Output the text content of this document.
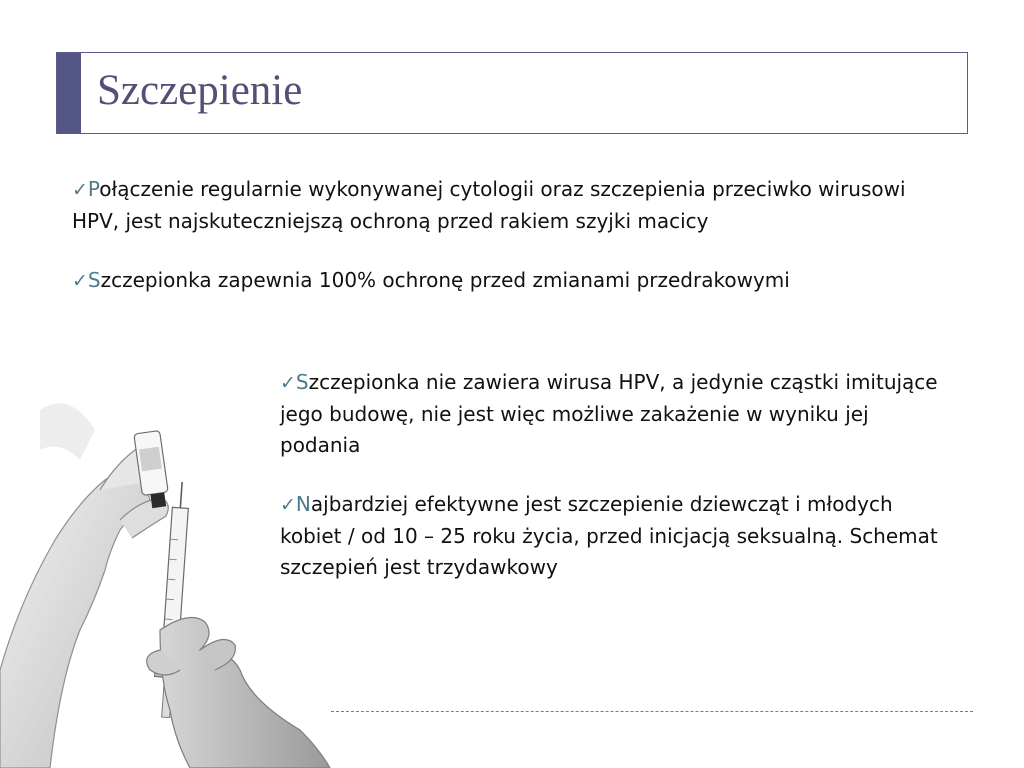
Szczepienie

✓Połączenie regularnie wykonywanej cytologii oraz szczepienia przeciwko wirusowi
HPV, jest najskuteczniejszą ochroną przed rakiem szyjki macicy

✓Szczepionka zapewnia 100% ochronę przed zmianami przedrakowymi

✓Szczepionka nie zawiera wirusa HPV, a jedynie cząstki imitujące
jego budowę, nie jest więc możliwe zakażenie w wyniku jej
podania

✓Najbardziej efektywne jest szczepienie dziewcząt i młodych
kobiet / od 10 – 25 roku życia, przed inicjacją seksualną. Schemat
szczepień jest trzydawkowy
